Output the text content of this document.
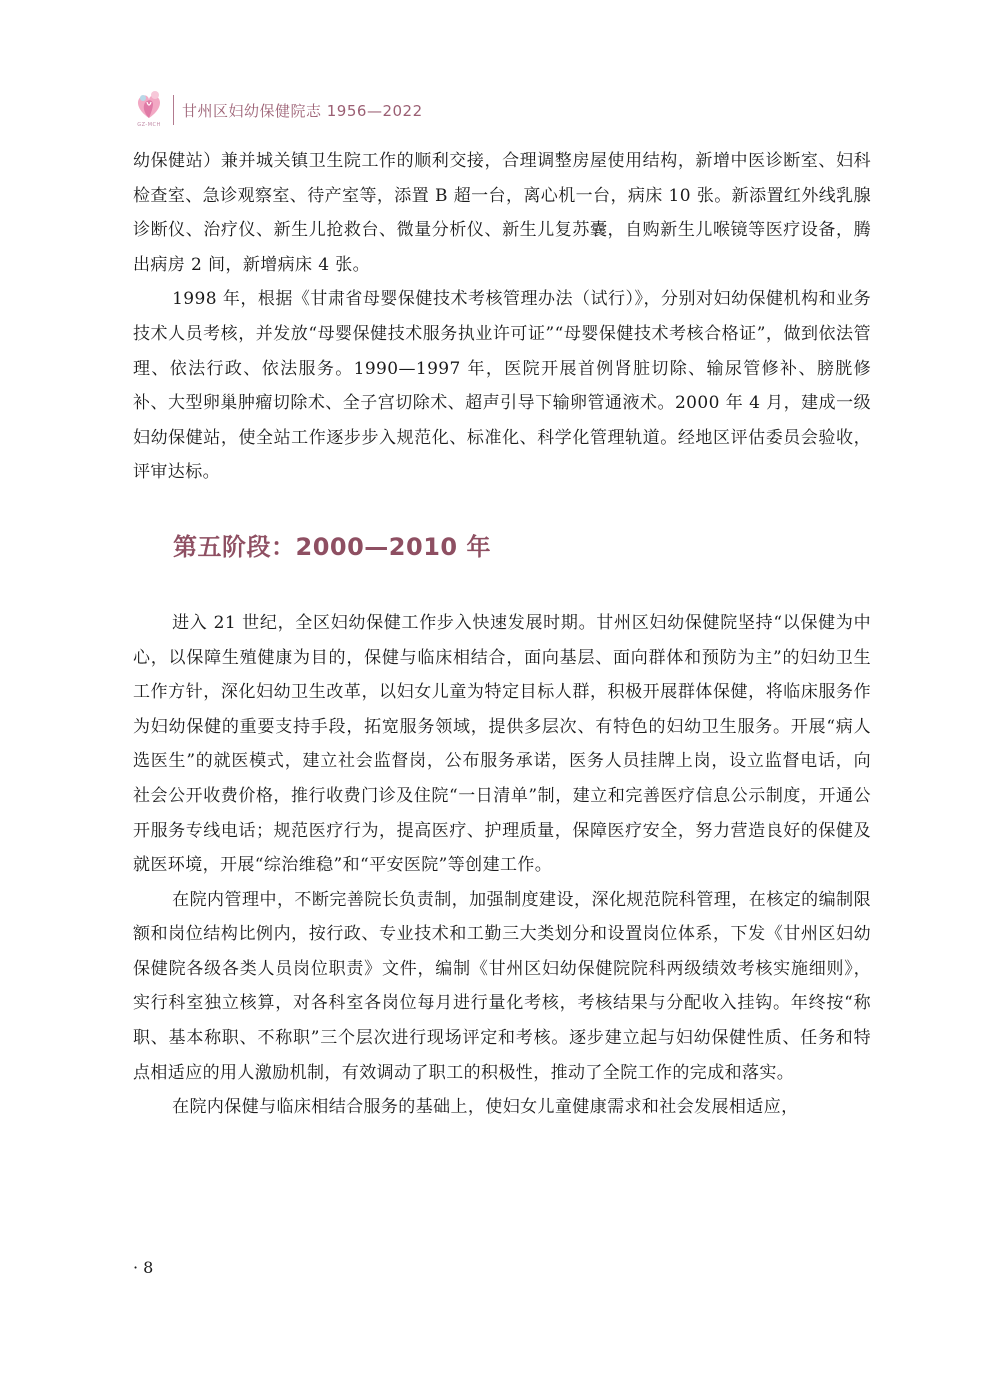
GZ-MCH
甘州区妇幼保健院志 1956—2022

幼保健站）兼并城关镇卫生院工作的顺利交接，合理调整房屋使用结构，新增中医诊断室、妇科检查室、急诊观察室、待产室等，添置 B 超一台，离心机一台，病床 10 张。新添置红外线乳腺诊断仪、治疗仪、新生儿抢救台、微量分析仪、新生儿复苏囊，自购新生儿喉镜等医疗设备，腾出病房 2 间，新增病床 4 张。

1998 年，根据《甘肃省母婴保健技术考核管理办法（试行）》，分别对妇幼保健机构和业务技术人员考核，并发放“母婴保健技术服务执业许可证”“母婴保健技术考核合格证”，做到依法管理、依法行政、依法服务。1990—1997 年，医院开展首例肾脏切除、输尿管修补、膀胱修补、大型卵巢肿瘤切除术、全子宫切除术、超声引导下输卵管通液术。2000 年 4 月，建成一级妇幼保健站，使全站工作逐步步入规范化、标准化、科学化管理轨道。经地区评估委员会验收，评审达标。

第五阶段：2000—2010 年

进入 21 世纪，全区妇幼保健工作步入快速发展时期。甘州区妇幼保健院坚持“以保健为中心，以保障生殖健康为目的，保健与临床相结合，面向基层、面向群体和预防为主”的妇幼卫生工作方针，深化妇幼卫生改革，以妇女儿童为特定目标人群，积极开展群体保健，将临床服务作为妇幼保健的重要支持手段，拓宽服务领域，提供多层次、有特色的妇幼卫生服务。开展“病人选医生”的就医模式，建立社会监督岗，公布服务承诺，医务人员挂牌上岗，设立监督电话，向社会公开收费价格，推行收费门诊及住院“一日清单”制，建立和完善医疗信息公示制度，开通公开服务专线电话；规范医疗行为，提高医疗、护理质量，保障医疗安全，努力营造良好的保健及就医环境，开展“综治维稳”和“平安医院”等创建工作。

在院内管理中，不断完善院长负责制，加强制度建设，深化规范院科管理，在核定的编制限额和岗位结构比例内，按行政、专业技术和工勤三大类划分和设置岗位体系，下发《甘州区妇幼保健院各级各类人员岗位职责》文件，编制《甘州区妇幼保健院院科两级绩效考核实施细则》，实行科室独立核算，对各科室各岗位每月进行量化考核，考核结果与分配收入挂钩。年终按“称职、基本称职、不称职”三个层次进行现场评定和考核。逐步建立起与妇幼保健性质、任务和特点相适应的用人激励机制，有效调动了职工的积极性，推动了全院工作的完成和落实。

在院内保健与临床相结合服务的基础上，使妇女儿童健康需求和社会发展相适应，

· 8
